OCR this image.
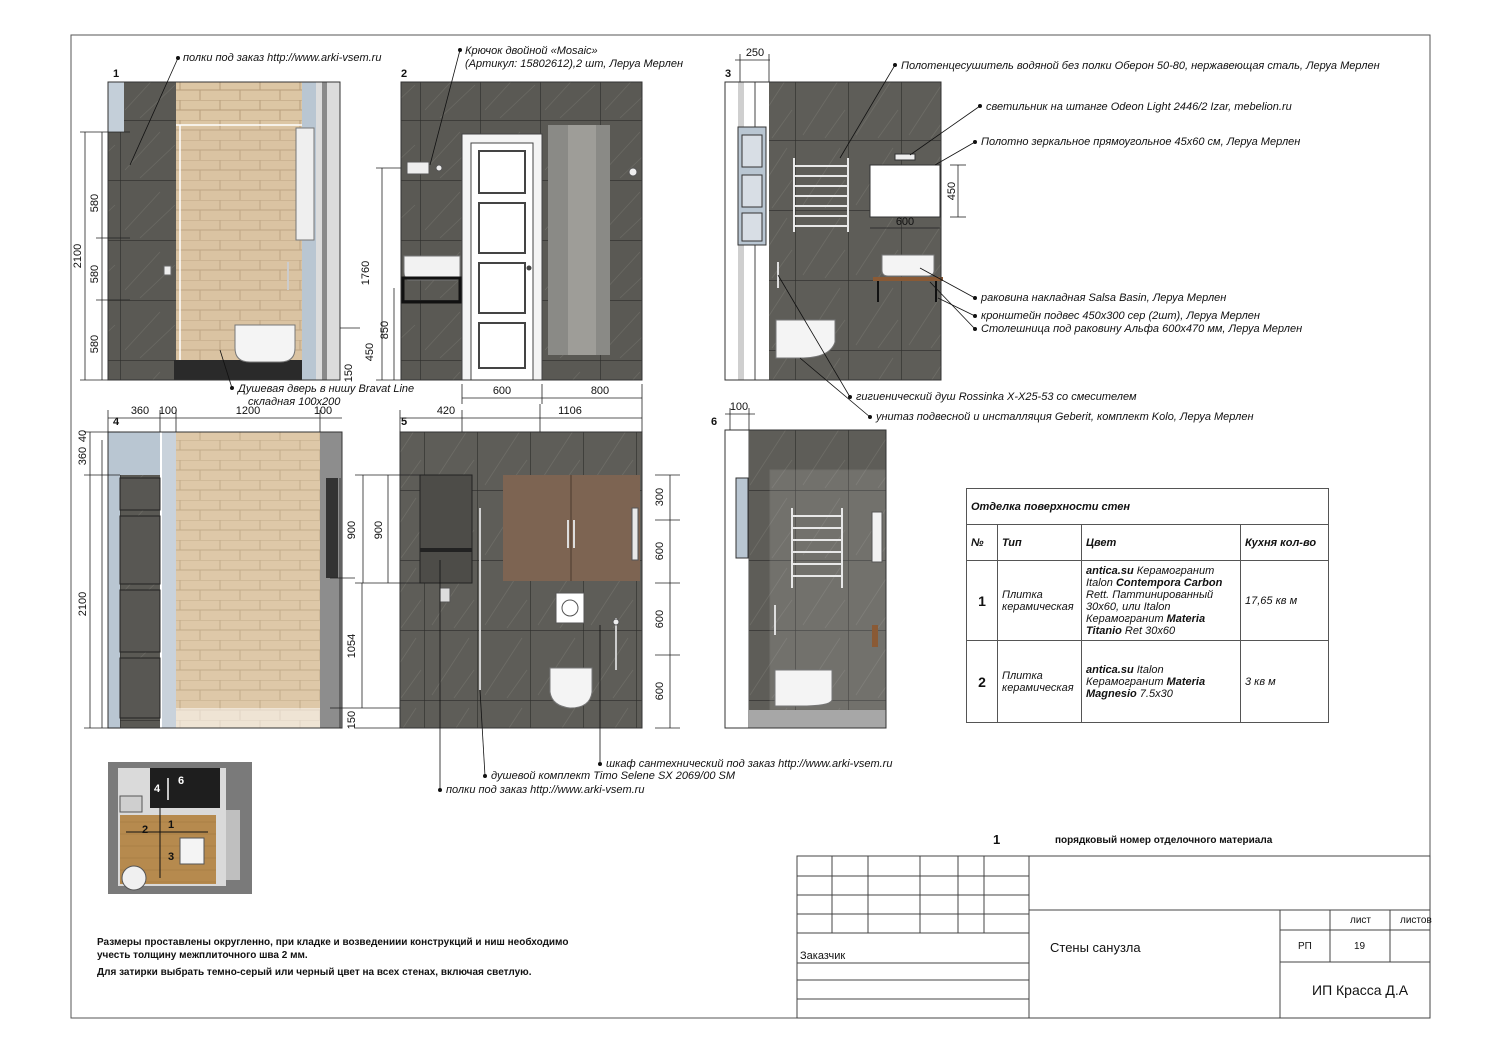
1
2100
580
580
580
1760
850
450
150
2
600	800
3
250
450
600
4
360 100	1200	100
40
360
2100
5
420	1106
900 900
1054
150
300
600
600
600
6
100
полки под заказ http://www.arki-vsem.ru
Крючок двойной «Mosaic»
(Артикул: 15802612),2 шт, Леруа Мерлен	Полотенцесушитель водяной без полки Оберон 50-80, нержавеющая сталь, Леруа Мерлен
светильник на штанге Odeon Light 2446/2 Izar, mebelion.ru
Полотно зеркальное прямоугольное 45х60 см, Леруа Мерлен
раковина накладная Salsa Basin, Леруа Мерлен
кронштейн подвес 450х300 сер (2шт), Леруа Мерлен
Столешница под раковину Альфа 600х470 мм, Леруа Мерлен
Душевая дверь в нишу Bravat Line
складная 100х200	гигиенический душ Rossinka X-X25-53 со смесителем
унитаз подвесной и инсталляция Geberit, комплект Kolo, Леруа Мерлен
шкаф сантехнический под заказ http://www.arki-vsem.ru
душевой комплект Timo Selene SX 2069/00 SM
полки под заказ http://www.arki-vsem.ru
4
6
1
2
3
1	порядковый номер отделочного материала
Размеры проставлены округленно, при кладке и возведениии конструкций и ниш необходимо
учесть толщину межплиточного шва 2 мм.
Для затирки выбрать темно-серый или черный цвет на всех стенах, включая светлую.
Заказчик
Стены санузла
лист	листов
РП	19
ИП Красса Д.А
Отделка поверхности стен			
№	Тип	Цвет	Кухня кол-во
1	Плитка керамическая	antica.su Керамогранит Italon Contempora Carbon Rett. Паттинированный 30х60, или Italon Керамогранит Materia Titanio Ret 30x60	17,65 кв м
2	Плитка керамическая	antica.su Italon Керамогранит Materia Magnesio 7.5x30	3 кв м
